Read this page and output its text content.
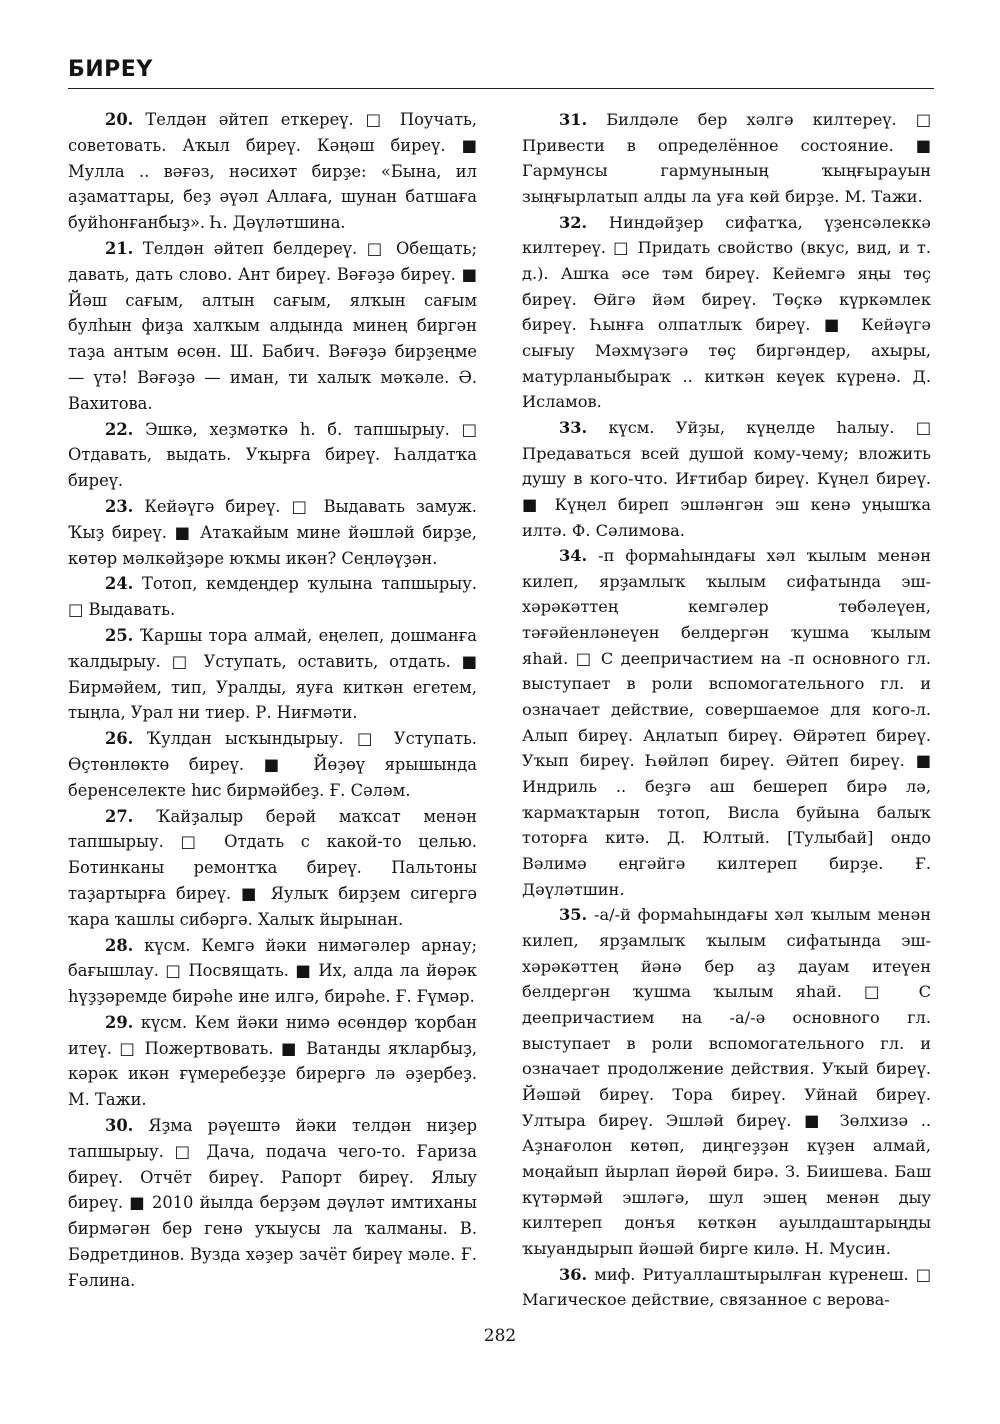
БИРЕҮ

20. Телдән әйтеп еткереү. □ Поучать, советовать. Аҡыл биреү. Кәңәш биреү. ■ Мулла .. вәғәз, нәсихәт бирҙе: «Бына, ил аҙаматтары, беҙ әүәл Аллаға, шунан батшаға буйһонғанбыҙ». Һ. Дәүләтшина.

21. Телдән әйтеп белдереү. □ Обещать; давать, дать слово. Ант биреү. Вәғәҙә биреү. ■ Йәш сағым, алтын сағым, ялҡын сағым булһын фиҙа халҡым алдында минең биргән таҙа антым өсөн. Ш. Бабич. Вәғәҙә бирҙеңме — үтә! Вәғәҙә — иман, ти халыҡ мәҡәле. Ә. Вахитова.

22. Эшкә, хеҙмәткә һ. б. тапшырыу. □ Отдавать, выдать. Уҡырға биреү. Һалдатҡа биреү.

23. Кейәүгә биреү. □ Выдавать замуж. Ҡыҙ биреү. ■ Атаҡайым мине йәшләй бирҙе, көтөр мәлкәйҙәре юҡмы икән? Сеңләүҙән.

24. Тотоп, кемдеңдер ҡулына тапшырыу. □ Выдавать.

25. Ҡаршы тора алмай, еңелеп, дошманға ҡалдырыу. □ Уступать, оставить, отдать. ■ Бирмәйем, тип, Уралды, яуға киткән егетем, тыңла, Урал ни тиер. Р. Ниғмәти.

26. Ҡулдан ысҡындырыу. □ Уступать. Өҫтөнлөктө биреү. ■ Йөҙөү ярышында беренселекте һис бирмәйбеҙ. Ғ. Сәләм.

27. Ҡайҙалыр берәй маҡсат менән тапшырыу. □ Отдать с какой-то целью. Ботинканы ремонтҡа биреү. Пальтоны таҙартырға биреү. ■ Яулыҡ бирҙем сигергә ҡара ҡашлы сибәргә. Халыҡ йырынан.

28. күсм. Кемгә йәки нимәгәлер арнау; бағышлау. □ Посвящать. ■ Их, алда ла йөрәк һүҙҙәремде бирәһе ине илгә, бирәһе. Ғ. Ғүмәр.

29. күсм. Кем йәки нимә өсөндөр ҡорбан итеү. □ Пожертвовать. ■ Ватанды яҡларбыҙ, кәрәк икән ғүмеребеҙҙе бирергә лә әҙербеҙ. М. Тажи.

30. Яҙма рәүештә йәки телдән ниҙер тапшырыу. □ Дача, подача чего-то. Ғариза биреү. Отчёт биреү. Рапорт биреү. Ялыу биреү. ■ 2010 йылда берҙәм дәүләт имтиханы бирмәгән бер генә уҡыусы ла ҡалманы. В. Бәдретдинов. Вузда хәҙер зачёт биреү мәле. Ғ. Ғәлина.

31. Билдәле бер хәлгә килтереү. □ Привести в определённое состояние. ■ Гармунсы гармунының ҡыңғырауын зыңғырлатып алды ла уға көй бирҙе. М. Тажи.

32. Ниндәйҙер сифатҡа, үҙенсәлеккә килтереү. □ Придать свойство (вкус, вид, и т. д.). Ашҡа әсе тәм биреү. Кейемгә яңы төҫ биреү. Өйгә йәм биреү. Төҫкә күркәмлек биреү. Һынға олпатлыҡ биреү. ■ Кейәүгә сығыу Мәхмүзәгә төҫ биргәндер, ахыры, матурланыбыраҡ .. киткән кеүек күренә. Д. Исламов.

33. күсм. Уйҙы, күңелде һалыу. □ Предаваться всей душой кому-чему; вложить душу в кого-что. Иғтибар биреү. Күңел биреү. ■ Күңел биреп эшләнгән эш кенә уңышҡа илтә. Ф. Сәлимова.

34. -п формаһындағы хәл ҡылым менән килеп, ярҙамлыҡ ҡылым сифатында эш-хәрәкәттең кемгәлер төбәлеүен, тәғәйенләнеүен белдергән ҡушма ҡылым яһай. □ С деепричастием на -п основного гл. выступает в роли вспомогательного гл. и означает действие, совершаемое для кого-л. Алып биреү. Аңлатып биреү. Өйрәтеп биреү. Уҡып биреү. Һөйләп биреү. Әйтеп биреү. ■ Индриль .. беҙгә аш бешереп бирә лә, ҡармаҡтарын тотоп, Висла буйына балыҡ тоторға китә. Д. Юлтый. [Тулыбай] ондо Вәлимә еңгәйгә килтереп бирҙе. Ғ. Дәүләтшин.

35. -а/-й формаһындағы хәл ҡылым менән килеп, ярҙамлыҡ ҡылым сифатында эш-хәрәкәттең йәнә бер аҙ дауам итеүен белдергән ҡушма ҡылым яһай. □ С деепричастием на -а/-ә основного гл. выступает в роли вспомогательного гл. и означает продолжение действия. Уҡый биреү. Йәшәй биреү. Тора биреү. Уйнай биреү. Ултыра биреү. Эшләй биреү. ■ Зөлхизә .. Аҙнағолон көтөп, диңгеҙҙән күҙен алмай, моңайып йырлап йөрөй бирә. З. Биишева. Баш күтәрмәй эшләгә, шул эшең менән дыу килтереп донъя көткән ауылдаштарыңды ҡыуандырып йәшәй бирге килә. Н. Мусин.

36. миф. Ритуаллаштырылған күренеш. □ Магическое действие, связанное с верова-

282
